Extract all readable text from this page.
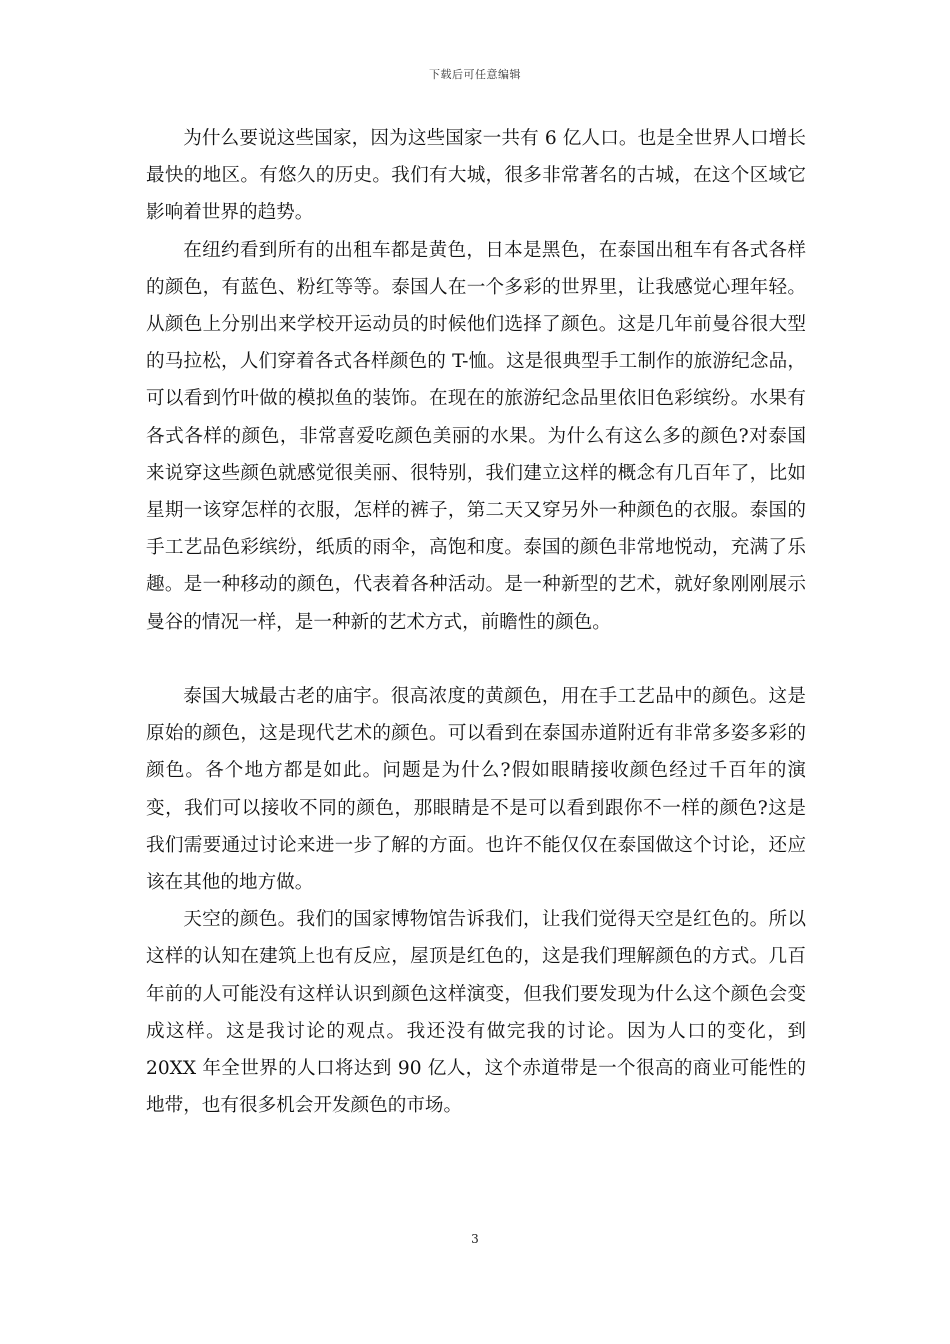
下载后可任意编辑

为什么要说这些国家，因为这些国家一共有 6 亿人口。也是全世界人口增长最快的地区。有悠久的历史。我们有大城，很多非常著名的古城，在这个区域它影响着世界的趋势。

在纽约看到所有的出租车都是黄色，日本是黑色，在泰国出租车有各式各样的颜色，有蓝色、粉红等等。泰国人在一个多彩的世界里，让我感觉心理年轻。从颜色上分别出来学校开运动员的时候他们选择了颜色。这是几年前曼谷很大型的马拉松，人们穿着各式各样颜色的 T-恤。这是很典型手工制作的旅游纪念品，可以看到竹叶做的模拟鱼的装饰。在现在的旅游纪念品里依旧色彩缤纷。水果有各式各样的颜色，非常喜爱吃颜色美丽的水果。为什么有这么多的颜色?对泰国来说穿这些颜色就感觉很美丽、很特别，我们建立这样的概念有几百年了，比如星期一该穿怎样的衣服，怎样的裤子，第二天又穿另外一种颜色的衣服。泰国的手工艺品色彩缤纷，纸质的雨伞，高饱和度。泰国的颜色非常地悦动，充满了乐趣。是一种移动的颜色，代表着各种活动。是一种新型的艺术，就好象刚刚展示曼谷的情况一样，是一种新的艺术方式，前瞻性的颜色。

泰国大城最古老的庙宇。很高浓度的黄颜色，用在手工艺品中的颜色。这是原始的颜色，这是现代艺术的颜色。可以看到在泰国赤道附近有非常多姿多彩的颜色。各个地方都是如此。问题是为什么?假如眼睛接收颜色经过千百年的演变，我们可以接收不同的颜色，那眼睛是不是可以看到跟你不一样的颜色?这是我们需要通过讨论来进一步了解的方面。也许不能仅仅在泰国做这个讨论，还应该在其他的地方做。

天空的颜色。我们的国家博物馆告诉我们，让我们觉得天空是红色的。所以这样的认知在建筑上也有反应，屋顶是红色的，这是我们理解颜色的方式。几百年前的人可能没有这样认识到颜色这样演变，但我们要发现为什么这个颜色会变成这样。这是我讨论的观点。我还没有做完我的讨论。因为人口的变化，到 20XX 年全世界的人口将达到 90 亿人，这个赤道带是一个很高的商业可能性的地带，也有很多机会开发颜色的市场。

3
